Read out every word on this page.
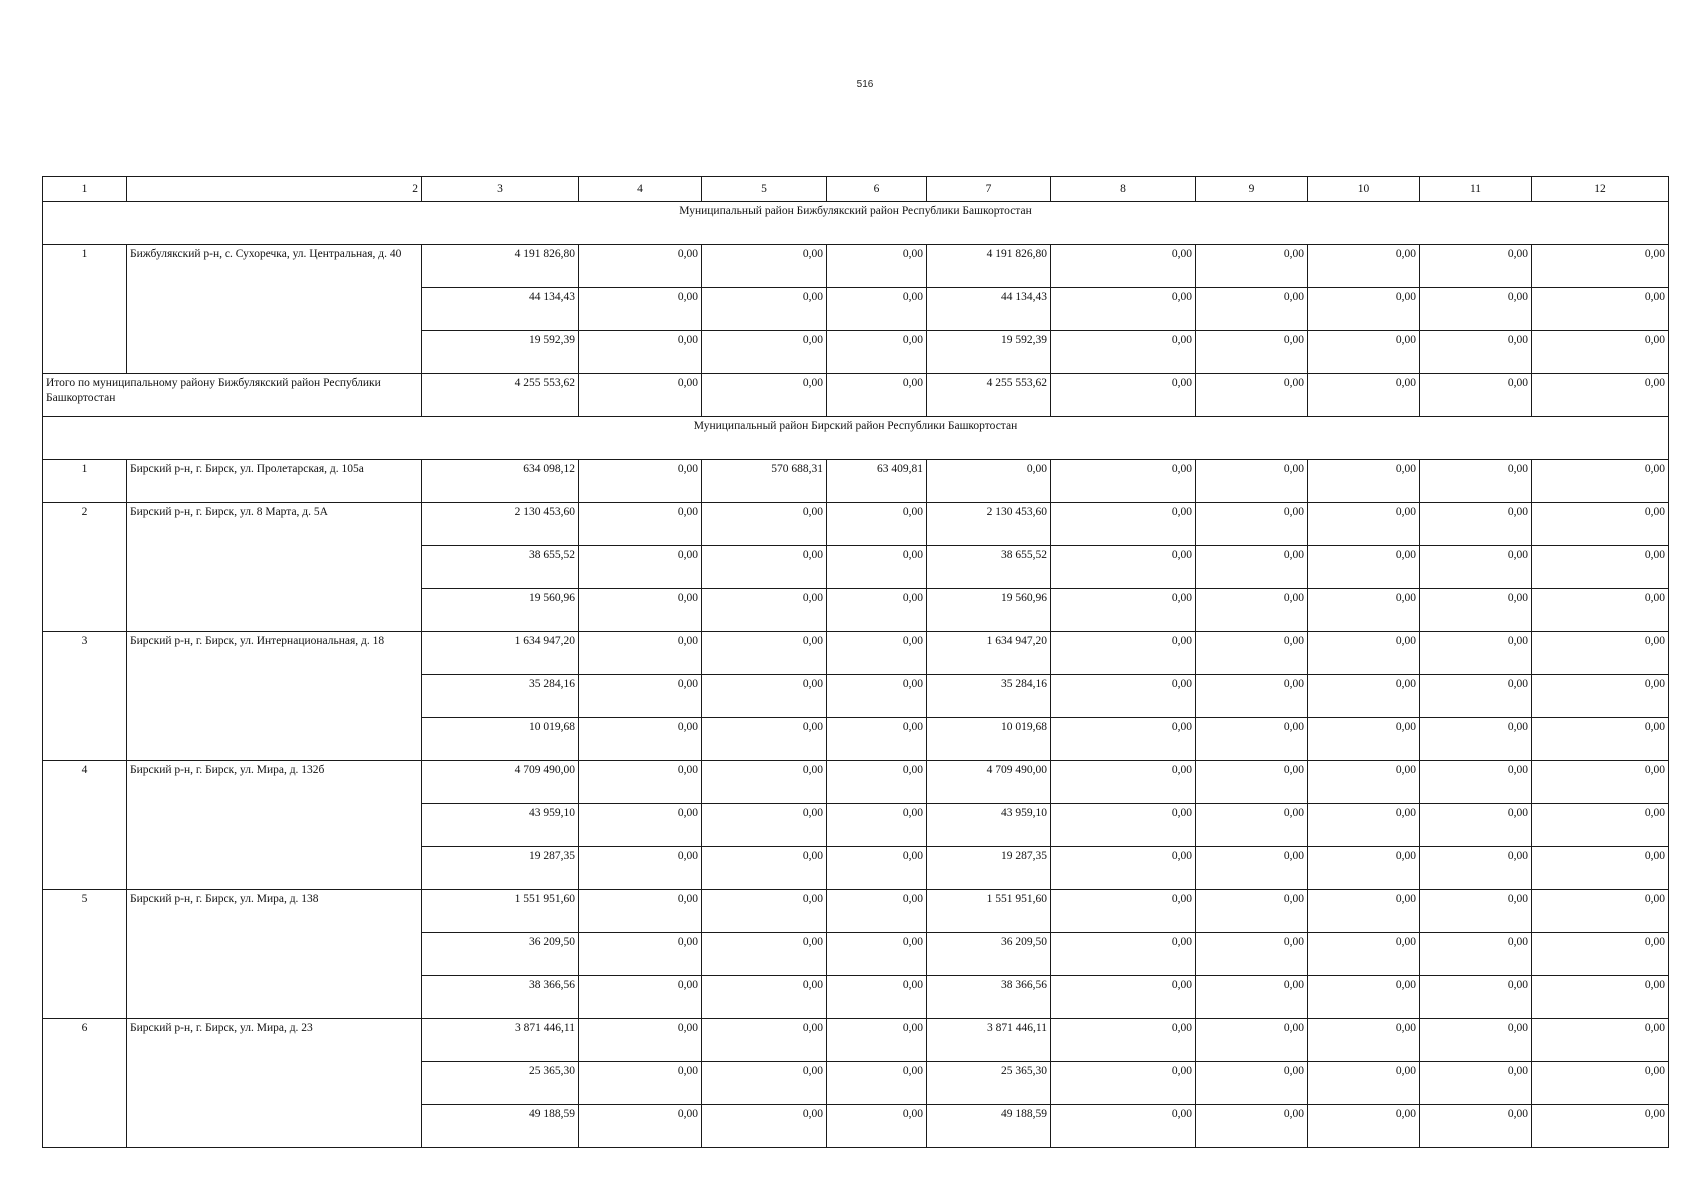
516
1	2	3	4	5	6	7	8	9	10	11	12
Муниципальный район Бижбулякский район Республики Башкортостан											
1	Бижбулякский р-н, с. Сухоречка, ул. Центральная, д. 40	4 191 826,80	0,00	0,00	0,00	4 191 826,80	0,00	0,00	0,00	0,00	0,00
		44 134,43	0,00	0,00	0,00	44 134,43	0,00	0,00	0,00	0,00	0,00
		19 592,39	0,00	0,00	0,00	19 592,39	0,00	0,00	0,00	0,00	0,00
Итого по муниципальному району Бижбулякский район Республики Башкортостан		4 255 553,62	0,00	0,00	0,00	4 255 553,62	0,00	0,00	0,00	0,00	0,00
Муниципальный район Бирский район Республики Башкортостан											
1	Бирский р-н, г. Бирск, ул. Пролетарская, д. 105а	634 098,12	0,00	570 688,31	63 409,81	0,00	0,00	0,00	0,00	0,00	0,00
2	Бирский р-н, г. Бирск, ул. 8 Марта, д. 5А	2 130 453,60	0,00	0,00	0,00	2 130 453,60	0,00	0,00	0,00	0,00	0,00
		38 655,52	0,00	0,00	0,00	38 655,52	0,00	0,00	0,00	0,00	0,00
		19 560,96	0,00	0,00	0,00	19 560,96	0,00	0,00	0,00	0,00	0,00
3	Бирский р-н, г. Бирск, ул. Интернациональная, д. 18	1 634 947,20	0,00	0,00	0,00	1 634 947,20	0,00	0,00	0,00	0,00	0,00
		35 284,16	0,00	0,00	0,00	35 284,16	0,00	0,00	0,00	0,00	0,00
		10 019,68	0,00	0,00	0,00	10 019,68	0,00	0,00	0,00	0,00	0,00
4	Бирский р-н, г. Бирск, ул. Мира, д. 132б	4 709 490,00	0,00	0,00	0,00	4 709 490,00	0,00	0,00	0,00	0,00	0,00
		43 959,10	0,00	0,00	0,00	43 959,10	0,00	0,00	0,00	0,00	0,00
		19 287,35	0,00	0,00	0,00	19 287,35	0,00	0,00	0,00	0,00	0,00
5	Бирский р-н, г. Бирск, ул. Мира, д. 138	1 551 951,60	0,00	0,00	0,00	1 551 951,60	0,00	0,00	0,00	0,00	0,00
		36 209,50	0,00	0,00	0,00	36 209,50	0,00	0,00	0,00	0,00	0,00
		38 366,56	0,00	0,00	0,00	38 366,56	0,00	0,00	0,00	0,00	0,00
6	Бирский р-н, г. Бирск, ул. Мира, д. 23	3 871 446,11	0,00	0,00	0,00	3 871 446,11	0,00	0,00	0,00	0,00	0,00
		25 365,30	0,00	0,00	0,00	25 365,30	0,00	0,00	0,00	0,00	0,00
		49 188,59	0,00	0,00	0,00	49 188,59	0,00	0,00	0,00	0,00	0,00
